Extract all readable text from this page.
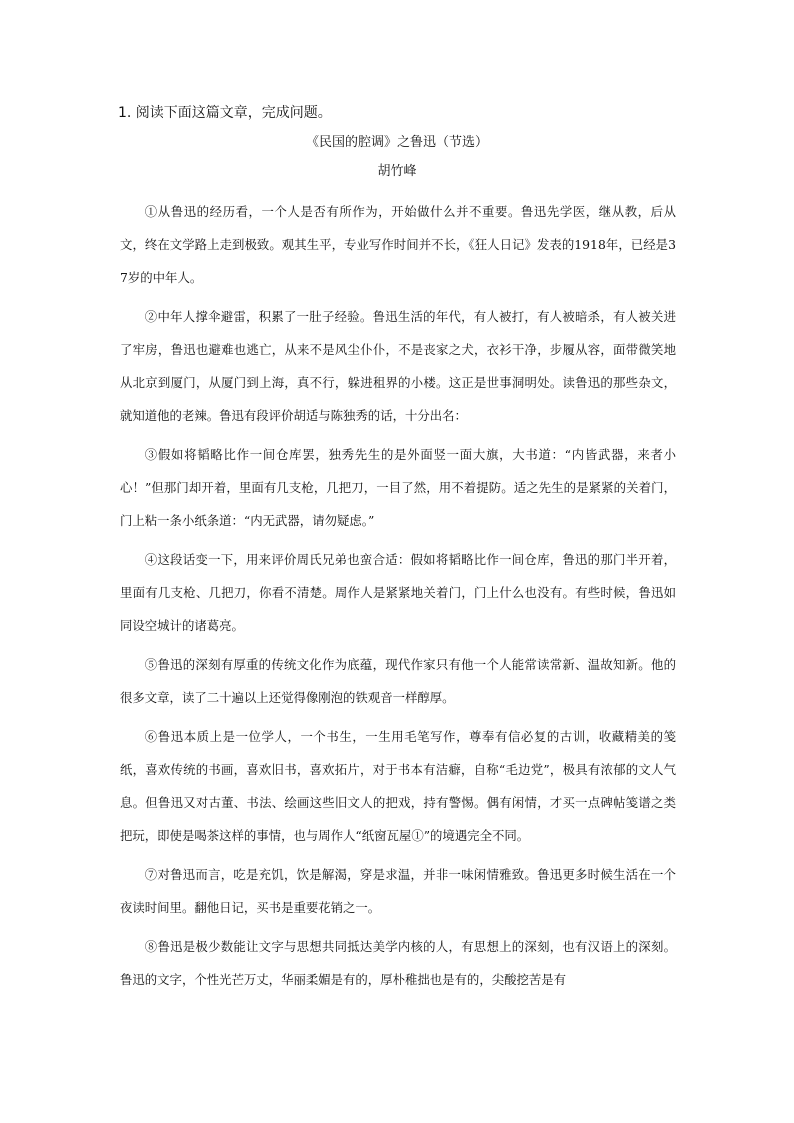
1. 阅读下面这篇文章，完成问题。

《民国的腔调》之鲁迅（节选）

胡竹峰

①从鲁迅的经历看，一个人是否有所作为，开始做什么并不重要。鲁迅先学医，继从教，后从文，终在文学路上走到极致。观其生平，专业写作时间并不长，《狂人日记》发表的1918年，已经是37岁的中年人。

②中年人撑伞避雷，积累了一肚子经验。鲁迅生活的年代，有人被打，有人被暗杀，有人被关进了牢房，鲁迅也避难也逃亡，从来不是风尘仆仆，不是丧家之犬，衣衫干净，步履从容，面带微笑地从北京到厦门，从厦门到上海，真不行，躲进租界的小楼。这正是世事洞明处。读鲁迅的那些杂文，就知道他的老辣。鲁迅有段评价胡适与陈独秀的话，十分出名：

③假如将韬略比作一间仓库罢，独秀先生的是外面竖一面大旗，大书道：“内皆武器，来者小心！”但那门却开着，里面有几支枪，几把刀，一目了然，用不着提防。适之先生的是紧紧的关着门，门上粘一条小纸条道：“内无武器，请勿疑虑。”

④这段话变一下，用来评价周氏兄弟也蛮合适：假如将韬略比作一间仓库，鲁迅的那门半开着，里面有几支枪、几把刀，你看不清楚。周作人是紧紧地关着门，门上什么也没有。有些时候，鲁迅如同设空城计的诸葛亮。

⑤鲁迅的深刻有厚重的传统文化作为底蕴，现代作家只有他一个人能常读常新、温故知新。他的很多文章，读了二十遍以上还觉得像刚泡的铁观音一样醇厚。

⑥鲁迅本质上是一位学人，一个书生，一生用毛笔写作，尊奉有信必复的古训，收藏精美的笺纸，喜欢传统的书画，喜欢旧书，喜欢拓片，对于书本有洁癖，自称“毛边党”，极具有浓郁的文人气息。但鲁迅又对古董、书法、绘画这些旧文人的把戏，持有警惕。偶有闲情，才买一点碑帖笺谱之类把玩，即使是喝茶这样的事情，也与周作人“纸窗瓦屋①”的境遇完全不同。

⑦对鲁迅而言，吃是充饥，饮是解渴，穿是求温，并非一味闲情雅致。鲁迅更多时候生活在一个夜读时间里。翻他日记，买书是重要花销之一。

⑧鲁迅是极少数能让文字与思想共同抵达美学内核的人，有思想上的深刻，也有汉语上的深刻。鲁迅的文字，个性光芒万丈，华丽柔媚是有的，厚朴稚拙也是有的，尖酸挖苦是有
